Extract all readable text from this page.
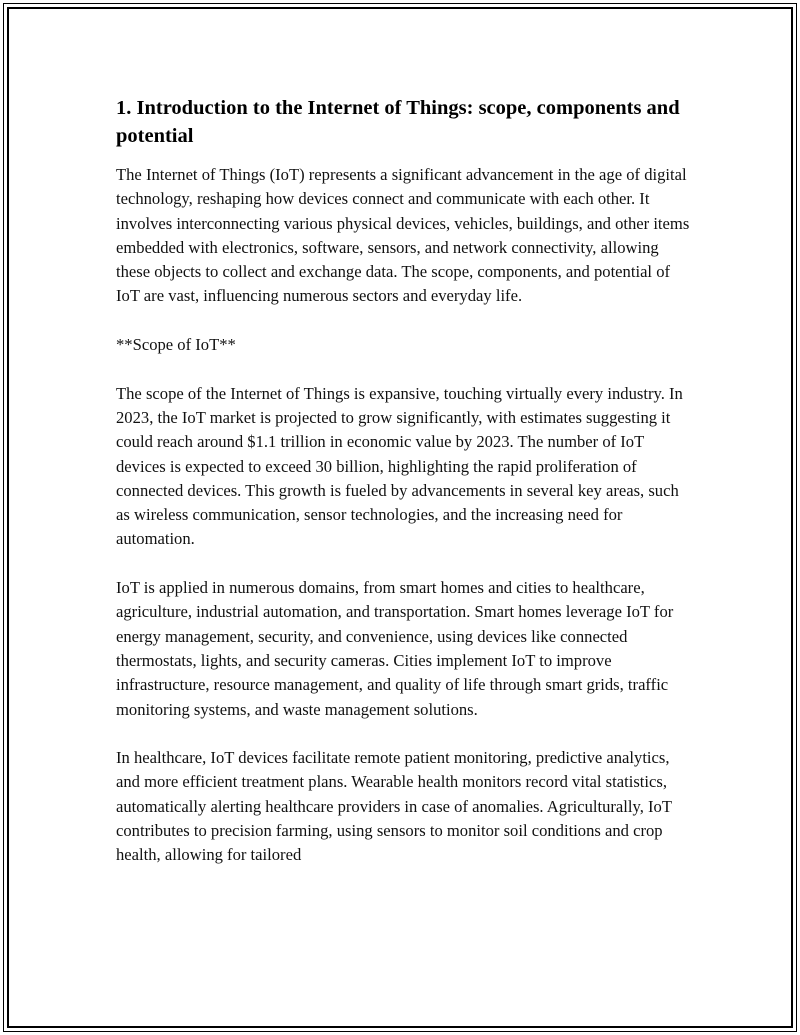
1. Introduction to the Internet of Things: scope, components and potential

The Internet of Things (IoT) represents a significant advancement in the age of digital technology, reshaping how devices connect and communicate with each other. It involves interconnecting various physical devices, vehicles, buildings, and other items embedded with electronics, software, sensors, and network connectivity, allowing these objects to collect and exchange data. The scope, components, and potential of IoT are vast, influencing numerous sectors and everyday life.

**Scope of IoT**

The scope of the Internet of Things is expansive, touching virtually every industry. In 2023, the IoT market is projected to grow significantly, with estimates suggesting it could reach around $1.1 trillion in economic value by 2023. The number of IoT devices is expected to exceed 30 billion, highlighting the rapid proliferation of connected devices. This growth is fueled by advancements in several key areas, such as wireless communication, sensor technologies, and the increasing need for automation.

IoT is applied in numerous domains, from smart homes and cities to healthcare, agriculture, industrial automation, and transportation. Smart homes leverage IoT for energy management, security, and convenience, using devices like connected thermostats, lights, and security cameras. Cities implement IoT to improve infrastructure, resource management, and quality of life through smart grids, traffic monitoring systems, and waste management solutions.

In healthcare, IoT devices facilitate remote patient monitoring, predictive analytics, and more efficient treatment plans. Wearable health monitors record vital statistics, automatically alerting healthcare providers in case of anomalies. Agriculturally, IoT contributes to precision farming, using sensors to monitor soil conditions and crop health, allowing for tailored
